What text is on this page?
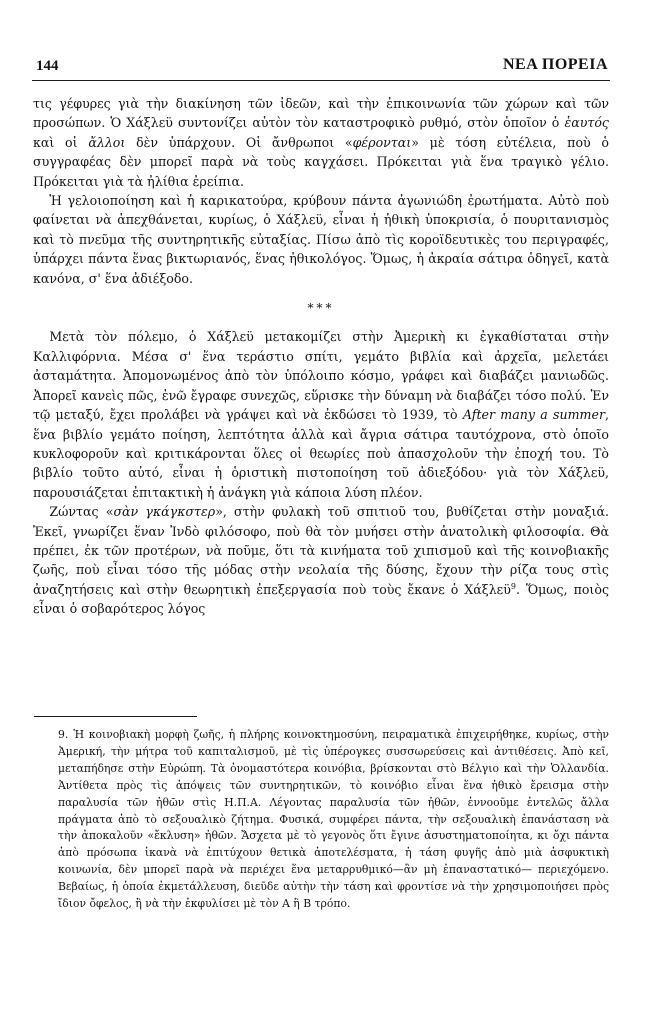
144	ΝΕΑ ΠΟΡΕΙΑ

τις γέφυρες γιὰ τὴν διακίνηση τῶν ἰδεῶν, καὶ τὴν ἐπικοινωνία τῶν χώρων καὶ τῶν προσώπων. Ὁ Χάξλεϋ συντονίζει αὐτὸν τὸν καταστροφικὸ ρυθμό, στὸν ὁποῖον ὁ ἑαυτός καὶ οἱ ἄλλοι δὲν ὑπάρχουν. Οἱ ἄνθρωποι «φέρονται» μὲ τόση εὐτέλεια, ποὺ ὁ συγγραφέας δὲν μπορεῖ παρὰ νὰ τοὺς καγχάσει. Πρόκειται γιὰ ἕνα τραγικὸ γέλιο. Πρόκειται γιὰ τὰ ἠλίθια ἐρείπια.

Ἡ γελοιοποίηση καὶ ἡ καρικατούρα, κρύβουν πάντα ἀγωνιώδη ἐρωτήματα. Αὐτὸ ποὺ φαίνεται νὰ ἀπεχθάνεται, κυρίως, ὁ Χάξλεϋ, εἶναι ἡ ἠθικὴ ὑποκρισία, ὁ πουριτανισμὸς καὶ τὸ πνεῦμα τῆς συντηρητικῆς εὐταξίας. Πίσω ἀπὸ τὶς κοροϊδευτικὲς του περιγραφές, ὑπάρχει πάντα ἕνας βικτωριανός, ἕνας ἠθικολόγος. Ὅμως, ἡ ἀκραία σάτιρα ὁδηγεῖ, κατὰ κανόνα, σ' ἕνα ἀδιέξοδο.

***

Μετὰ τὸν πόλεμο, ὁ Χάξλεϋ μετακομίζει στὴν Ἀμερικὴ κι ἐγκαθίσταται στὴν Καλλιφόρνια. Μέσα σ' ἕνα τεράστιο σπίτι, γεμάτο βιβλία καὶ ἀρχεῖα, μελετάει ἀσταμάτητα. Ἀπομονωμένος ἀπὸ τὸν ὑπόλοιπο κόσμο, γράφει καὶ διαβάζει μανιωδῶς. Ἀπορεῖ κανεὶς πῶς, ἐνῶ ἔγραφε συνεχῶς, εὕρισκε τὴν δύναμη νὰ διαβάζει τόσο πολύ. Ἐν τῷ μεταξύ, ἔχει προλάβει νὰ γράψει καὶ νὰ ἐκδώσει τὸ 1939, τὸ After many a summer, ἕνα βιβλίο γεμάτο ποίηση, λεπτότητα ἀλλὰ καὶ ἄγρια σάτιρα ταυτόχρονα, στὸ ὁποῖο κυκλοφοροῦν καὶ κριτικάρονται ὅλες οἱ θεωρίες ποὺ ἀπασχολοῦν τὴν ἐποχή του. Τὸ βιβλίο τοῦτο αὐτό, εἶναι ἡ ὁριστικὴ πιστοποίηση τοῦ ἀδιεξόδου· γιὰ τὸν Χάξλεϋ, παρουσιάζεται ἐπιτακτικὴ ἡ ἀνάγκη γιὰ κάποια λύση πλέον.

Ζώντας «σὰν γκάγκστερ», στὴν φυλακὴ τοῦ σπιτιοῦ του, βυθίζεται στὴν μοναξιά. Ἐκεῖ, γνωρίζει ἕναν Ἰνδὸ φιλόσοφο, ποὺ θὰ τὸν μυήσει στὴν ἀνατολικὴ φιλοσοφία. Θὰ πρέπει, ἐκ τῶν προτέρων, νὰ ποῦμε, ὅτι τὰ κινήματα τοῦ χιπισμοῦ καὶ τῆς κοινοβιακῆς ζωῆς, ποὺ εἶναι τόσο τῆς μόδας στὴν νεολαία τῆς δύσης, ἔχουν τὴν ρίζα τους στὶς ἀναζητήσεις καὶ στὴν θεωρητικὴ ἐπεξεργασία ποὺ τοὺς ἔκανε ὁ Χάξλεϋ$^9$. Ὅμως, ποιὸς εἶναι ὁ σοβαρότερος λόγος

9. Ἡ κοινοβιακὴ μορφὴ ζωῆς, ἡ πλήρης κοινοκτημοσύνη, πειραματικὰ ἐπιχειρήθηκε, κυρίως, στὴν Ἀμερική, τὴν μήτρα τοῦ καπιταλισμοῦ, μὲ τὶς ὑπέρογκες συσσωρεύσεις καὶ ἀντιθέσεις. Ἀπὸ κεῖ, μεταπήδησε στὴν Εὐρώπη. Τὰ ὀνομαστότερα κοινόβια, βρίσκονται στὸ Βέλγιο καὶ τὴν Ὁλλανδία. Ἀντίθετα πρὸς τὶς ἀπόψεις τῶν συντηρητικῶν, τὸ κοινόβιο εἶναι ἕνα ἠθικὸ ἔρεισμα στὴν παραλυσία τῶν ἠθῶν στὶς Η.Π.Α. Λέγοντας παραλυσία τῶν ἠθῶν, ἐννοοῦμε ἐντελῶς ἄλλα πράγματα ἀπὸ τὸ σεξουαλικὸ ζήτημα. Φυσικά, συμφέρει πάντα, τὴν σεξουαλικὴ ἐπανάσταση νὰ τὴν ἀποκαλοῦν «ἔκλυση» ἠθῶν. Ἄσχετα μὲ τὸ γεγονὸς ὅτι ἔγινε ἀσυστηματοποίητα, κι ὄχι πάντα ἀπὸ πρόσωπα ἱκανὰ νὰ ἐπιτύχουν θετικὰ ἀποτελέσματα, ἡ τάση φυγῆς ἀπὸ μιὰ ἀσφυκτικὴ κοινωνία, δὲν μπορεῖ παρὰ νὰ περιέχει ἕνα μεταρρυθμικό—ἂν μὴ ἐπαναστατικό— περιεχόμενο. Βεβαίως, ἡ ὁποία ἐκμετάλλευση, διεῦδε αὐτὴν τὴν τάση καὶ φροντίσε νὰ τὴν χρησιμοποιήσει πρὸς ἴδιον ὄφελος, ἢ νὰ τὴν ἐκφυλίσει μὲ τὸν Α ἢ Β τρόπο.
